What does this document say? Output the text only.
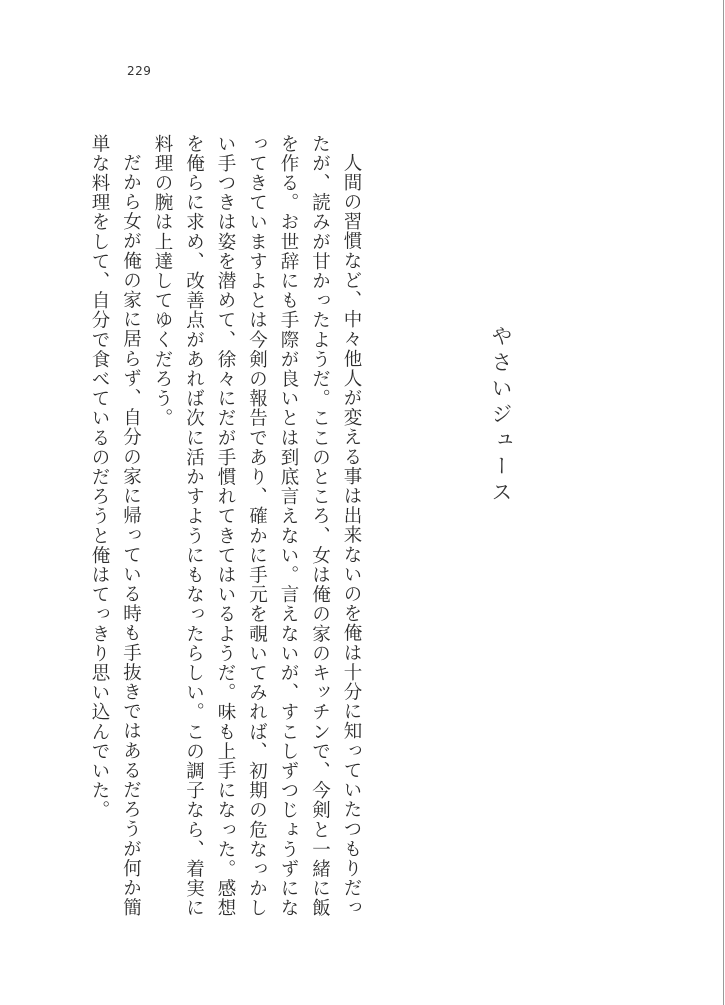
229
やさいジュース

人間の習慣など、中々他人が変える事は出来ないのを俺は十分に知っていたつもりだったが、読みが甘かったようだ。ここのところ、女は俺の家のキッチンで、今剣と一緒に飯を作る。お世辞にも手際が良いとは到底言えない。言えないが、すこしずつじょうずになってきていますよとは今剣の報告であり、確かに手元を覗いてみれば、初期の危なっかしい手つきは姿を潜めて、徐々にだが手慣れてきてはいるようだ。味も上手になった。感想を俺らに求め、改善点があれば次に活かすようにもなったらしい。この調子なら、着実に料理の腕は上達してゆくだろう。

だから女が俺の家に居らず、自分の家に帰っている時も手抜きではあるだろうが何か簡単な料理をして、自分で食べているのだろうと俺はてっきり思い込んでいた。
